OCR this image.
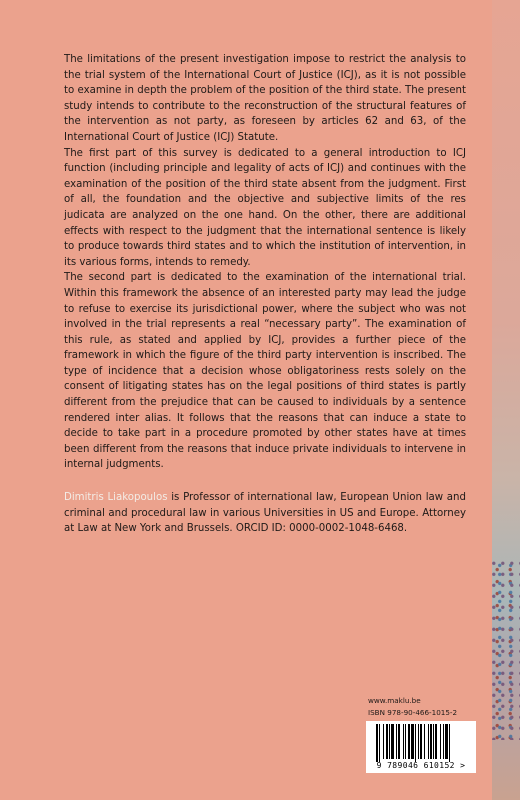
The limitations of the present investigation impose to restrict the analysis to the trial system of the International Court of Justice (ICJ), as it is not possible to examine in depth the problem of the position of the third state. The present study intends to contribute to the reconstruction of the structural features of the intervention as not party, as foreseen by articles 62 and 63, of the International Court of Justice (ICJ) Statute.

The first part of this survey is dedicated to a general introduction to ICJ function (including principle and legality of acts of ICJ) and continues with the examination of the position of the third state absent from the judgment. First of all, the foundation and the objective and subjective limits of the res judicata are analyzed on the one hand. On the other, there are additional effects with respect to the judgment that the international sentence is likely to produce towards third states and to which the institution of intervention, in its various forms, intends to remedy.

The second part is dedicated to the examination of the international trial. Within this framework the absence of an interested party may lead the judge to refuse to exercise its jurisdictional power, where the subject who was not involved in the trial represents a real “necessary party”. The examination of this rule, as stated and applied by ICJ, provides a further piece of the framework in which the figure of the third party intervention is inscribed. The type of incidence that a decision whose obligatoriness rests solely on the consent of litigating states has on the legal positions of third states is partly different from the prejudice that can be caused to individuals by a sentence rendered inter alias. It follows that the reasons that can induce a state to decide to take part in a procedure promoted by other states have at times been different from the reasons that induce private individuals to intervene in internal judgments.

Dimitris Liakopoulos is Professor of international law, European Union law and criminal and procedural law in various Universities in US and Europe. Attorney at Law at New York and Brussels. ORCID ID: 0000-0002-1048-6468.

www.maklu.be
ISBN 978-90-466-1015-2
9 789046 610152 >
